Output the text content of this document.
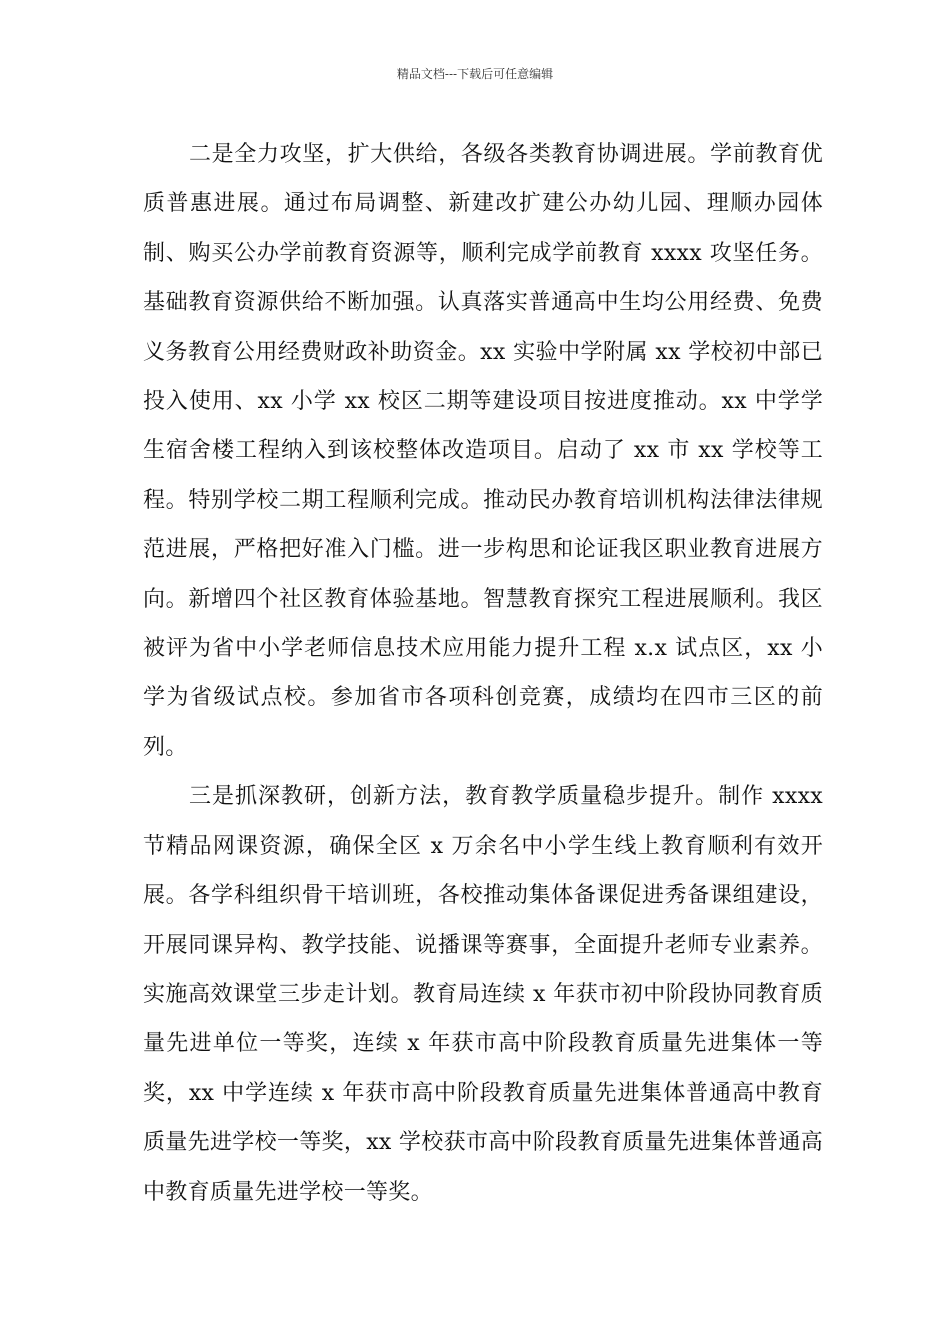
精品文档---下载后可任意编辑

二是全力攻坚，扩大供给，各级各类教育协调进展。学前教育优质普惠进展。通过布局调整、新建改扩建公办幼儿园、理顺办园体制、购买公办学前教育资源等，顺利完成学前教育 xxxx 攻坚任务。基础教育资源供给不断加强。认真落实普通高中生均公用经费、免费义务教育公用经费财政补助资金。xx 实验中学附属 xx 学校初中部已投入使用、xx 小学 xx 校区二期等建设项目按进度推动。xx 中学学生宿舍楼工程纳入到该校整体改造项目。启动了 xx 市 xx 学校等工程。特别学校二期工程顺利完成。推动民办教育培训机构法律法律规范进展，严格把好准入门槛。进一步构思和论证我区职业教育进展方向。新增四个社区教育体验基地。智慧教育探究工程进展顺利。我区被评为省中小学老师信息技术应用能力提升工程 x.x 试点区，xx 小学为省级试点校。参加省市各项科创竞赛，成绩均在四市三区的前列。

三是抓深教研，创新方法，教育教学质量稳步提升。制作 xxxx 节精品网课资源，确保全区 x 万余名中小学生线上教育顺利有效开展。各学科组织骨干培训班，各校推动集体备课促进秀备课组建设，开展同课异构、教学技能、说播课等赛事，全面提升老师专业素养。实施高效课堂三步走计划。教育局连续 x 年获市初中阶段协同教育质量先进单位一等奖，连续 x 年获市高中阶段教育质量先进集体一等奖，xx 中学连续 x 年获市高中阶段教育质量先进集体普通高中教育质量先进学校一等奖，xx 学校获市高中阶段教育质量先进集体普通高中教育质量先进学校一等奖。
